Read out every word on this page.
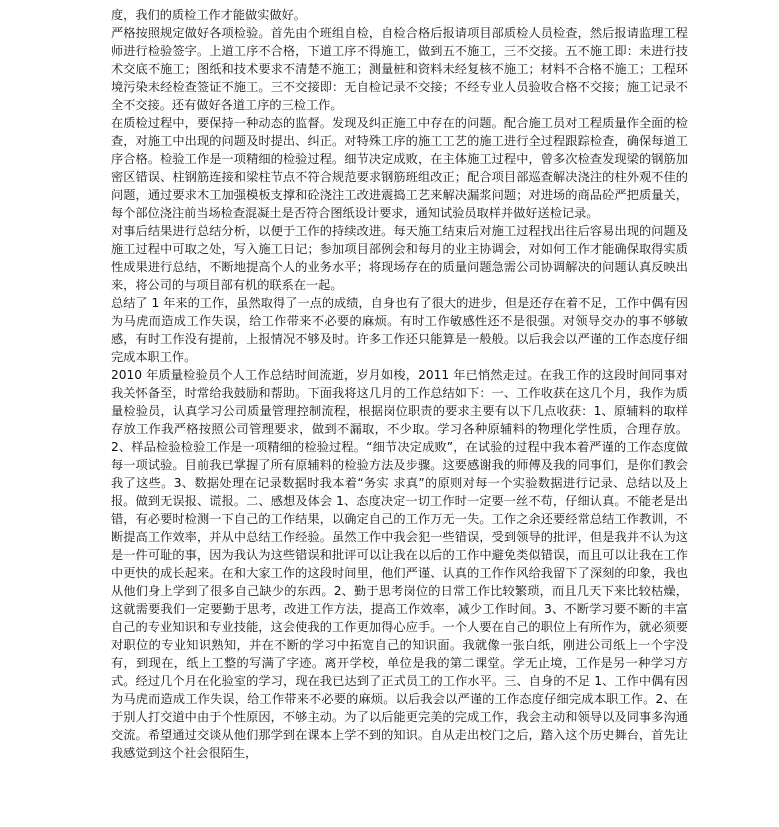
度，我们的质检工作才能做实做好。

严格按照规定做好各项检验。首先由个班组自检，自检合格后报请项目部质检人员检查，然后报请监理工程师进行检验签字。上道工序不合格，下道工序不得施工，做到五不施工，三不交接。五不施工即：未进行技术交底不施工；图纸和技术要求不清楚不施工；测量桩和资料未经复核不施工；材料不合格不施工；工程环境污染未经检查签证不施工。三不交接即：无自检记录不交接；不经专业人员验收合格不交接；施工记录不全不交接。还有做好各道工序的三检工作。

在质检过程中，要保持一种动态的监督。发现及纠正施工中存在的问题。配合施工员对工程质量作全面的检查，对施工中出现的问题及时提出、纠正。对特殊工序的施工工艺的施工进行全过程跟踪检查，确保每道工序合格。检验工作是一项精细的检验过程。细节决定成败，在主体施工过程中，曾多次检查发现梁的钢筋加密区错误、柱钢筋连接和梁柱节点不符合规范要求钢筋班组改正；配合项目部巡查解决浇注的柱外观不佳的问题，通过要求木工加强模板支撑和砼浇注工改进震捣工艺来解决漏浆问题；对进场的商品砼严把质量关，每个部位浇注前当场检查混凝土是否符合图纸设计要求，通知试验员取样并做好送检记录。

对事后结果进行总结分析，以便于工作的持续改进。每天施工结束后对施工过程找出往后容易出现的问题及施工过程中可取之处，写入施工日记；参加项目部例会和每月的业主协调会，对如何工作才能确保取得实质性成果进行总结，不断地提高个人的业务水平；将现场存在的质量问题急需公司协调解决的问题认真反映出来，将公司的与项目部有机的联系在一起。

总结了 1 年来的工作，虽然取得了一点的成绩，自身也有了很大的进步，但是还存在着不足，工作中偶有因为马虎而造成工作失误，给工作带来不必要的麻烦。有时工作敏感性还不是很强。对领导交办的事不够敏感，有时工作没有提前，上报情况不够及时。许多工作还只能算是一般般。以后我会以严谨的工作态度仔细完成本职工作。

2010 年质量检验员个人工作总结时间流逝，岁月如梭，2011 年已悄然走过。在我工作的这段时间同事对我关怀备至，时常给我鼓励和帮助。下面我将这几月的工作总结如下：一、工作收获在这几个月，我作为质量检验员，认真学习公司质量管理控制流程，根据岗位职责的要求主要有以下几点收获：1、原辅料的取样存放工作我严格按照公司管理要求，做到不漏取，不少取。学习各种原辅料的物理化学性质，合理存放。2、样品检验检验工作是一项精细的检验过程。“细节决定成败”，在试验的过程中我本着严谨的工作态度做每一项试验。目前我已掌握了所有原辅料的检验方法及步骤。这要感谢我的师傅及我的同事们，是你们教会我了这些。3、数据处理在记录数据时我本着“务实 求真”的原则对每一个实验数据进行记录、总结以及上报。做到无误报、谎报。二、感想及体会 1、态度决定一切工作时一定要一丝不苟，仔细认真。不能老是出错，有必要时检测一下自己的工作结果，以确定自己的工作万无一失。工作之余还要经常总结工作教训，不断提高工作效率，并从中总结工作经验。虽然工作中我会犯一些错误，受到领导的批评，但是我并不认为这是一件可耻的事，因为我认为这些错误和批评可以让我在以后的工作中避免类似错误，而且可以让我在工作中更快的成长起来。在和大家工作的这段时间里，他们严谨、认真的工作作风给我留下了深刻的印象，我也从他们身上学到了很多自己缺少的东西。2、勤于思考岗位的日常工作比较繁琐，而且几天下来比较枯燥，这就需要我们一定要勤于思考，改进工作方法，提高工作效率，减少工作时间。3、不断学习要不断的丰富自己的专业知识和专业技能，这会使我的工作更加得心应手。一个人要在自己的职位上有所作为，就必须要对职位的专业知识熟知，并在不断的学习中拓宽自己的知识面。我就像一张白纸，刚进公司纸上一个字没有，到现在，纸上工整的写满了字迹。离开学校，单位是我的第二课堂。学无止境，工作是另一种学习方式。经过几个月在化验室的学习，现在我已达到了正式员工的工作水平。三、自身的不足 1、工作中偶有因为马虎而造成工作失误，给工作带来不必要的麻烦。以后我会以严谨的工作态度仔细完成本职工作。2、在于别人打交道中由于个性原因，不够主动。为了以后能更完美的完成工作，我会主动和领导以及同事多沟通交流。希望通过交谈从他们那学到在课本上学不到的知识。自从走出校门之后，踏入这个历史舞台，首先让我感觉到这个社会很陌生，
